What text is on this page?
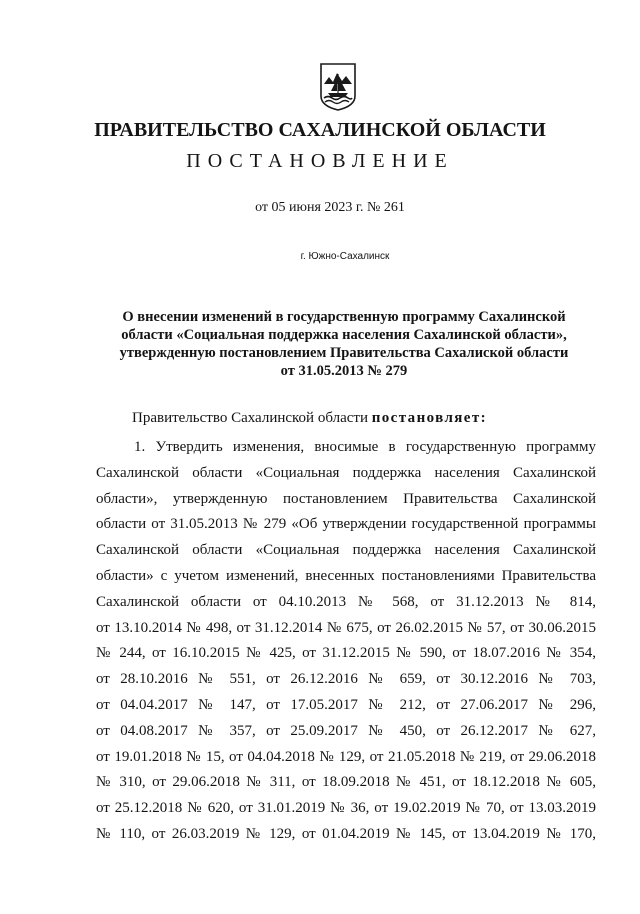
ПРАВИТЕЛЬСТВО САХАЛИНСКОЙ ОБЛАСТИ
ПОСТАНОВЛЕНИЕ
от 05 июня 2023 г. № 261
г. Южно-Сахалинск
О внесении изменений в государственную программу Сахалинской
области «Социальная поддержка населения Сахалинской области»,
утвержденную постановлением Правительства Сахалиской области
от 31.05.2013 № 279
Правительство Сахалинской области постановляет:
1. Утвердить изменения, вносимые в государственную программу
Сахалинской области «Социальная поддержка населения Сахалинской
области», утвержденную постановлением Правительства Сахалинской
области от 31.05.2013 № 279 «Об утверждении государственной программы
Сахалинской области «Социальная поддержка населения Сахалинской
области» с учетом изменений, внесенных постановлениями Правительства
Сахалинской области от 04.10.2013 № 568, от 31.12.2013 № 814,
от 13.10.2014 № 498, от 31.12.2014 № 675, от 26.02.2015 № 57, от 30.06.2015
№ 244, от 16.10.2015 № 425, от 31.12.2015 № 590, от 18.07.2016 № 354,
от 28.10.2016 № 551, от 26.12.2016 № 659, от 30.12.2016 № 703,
от 04.04.2017 № 147, от 17.05.2017 № 212, от 27.06.2017 № 296,
от 04.08.2017 № 357, от 25.09.2017 № 450, от 26.12.2017 № 627,
от 19.01.2018 № 15, от 04.04.2018 № 129, от 21.05.2018 № 219, от 29.06.2018
№ 310, от 29.06.2018 № 311, от 18.09.2018 № 451, от 18.12.2018 № 605,
от 25.12.2018 № 620, от 31.01.2019 № 36, от 19.02.2019 № 70, от 13.03.2019
№ 110, от 26.03.2019 № 129, от 01.04.2019 № 145, от 13.04.2019 № 170,
